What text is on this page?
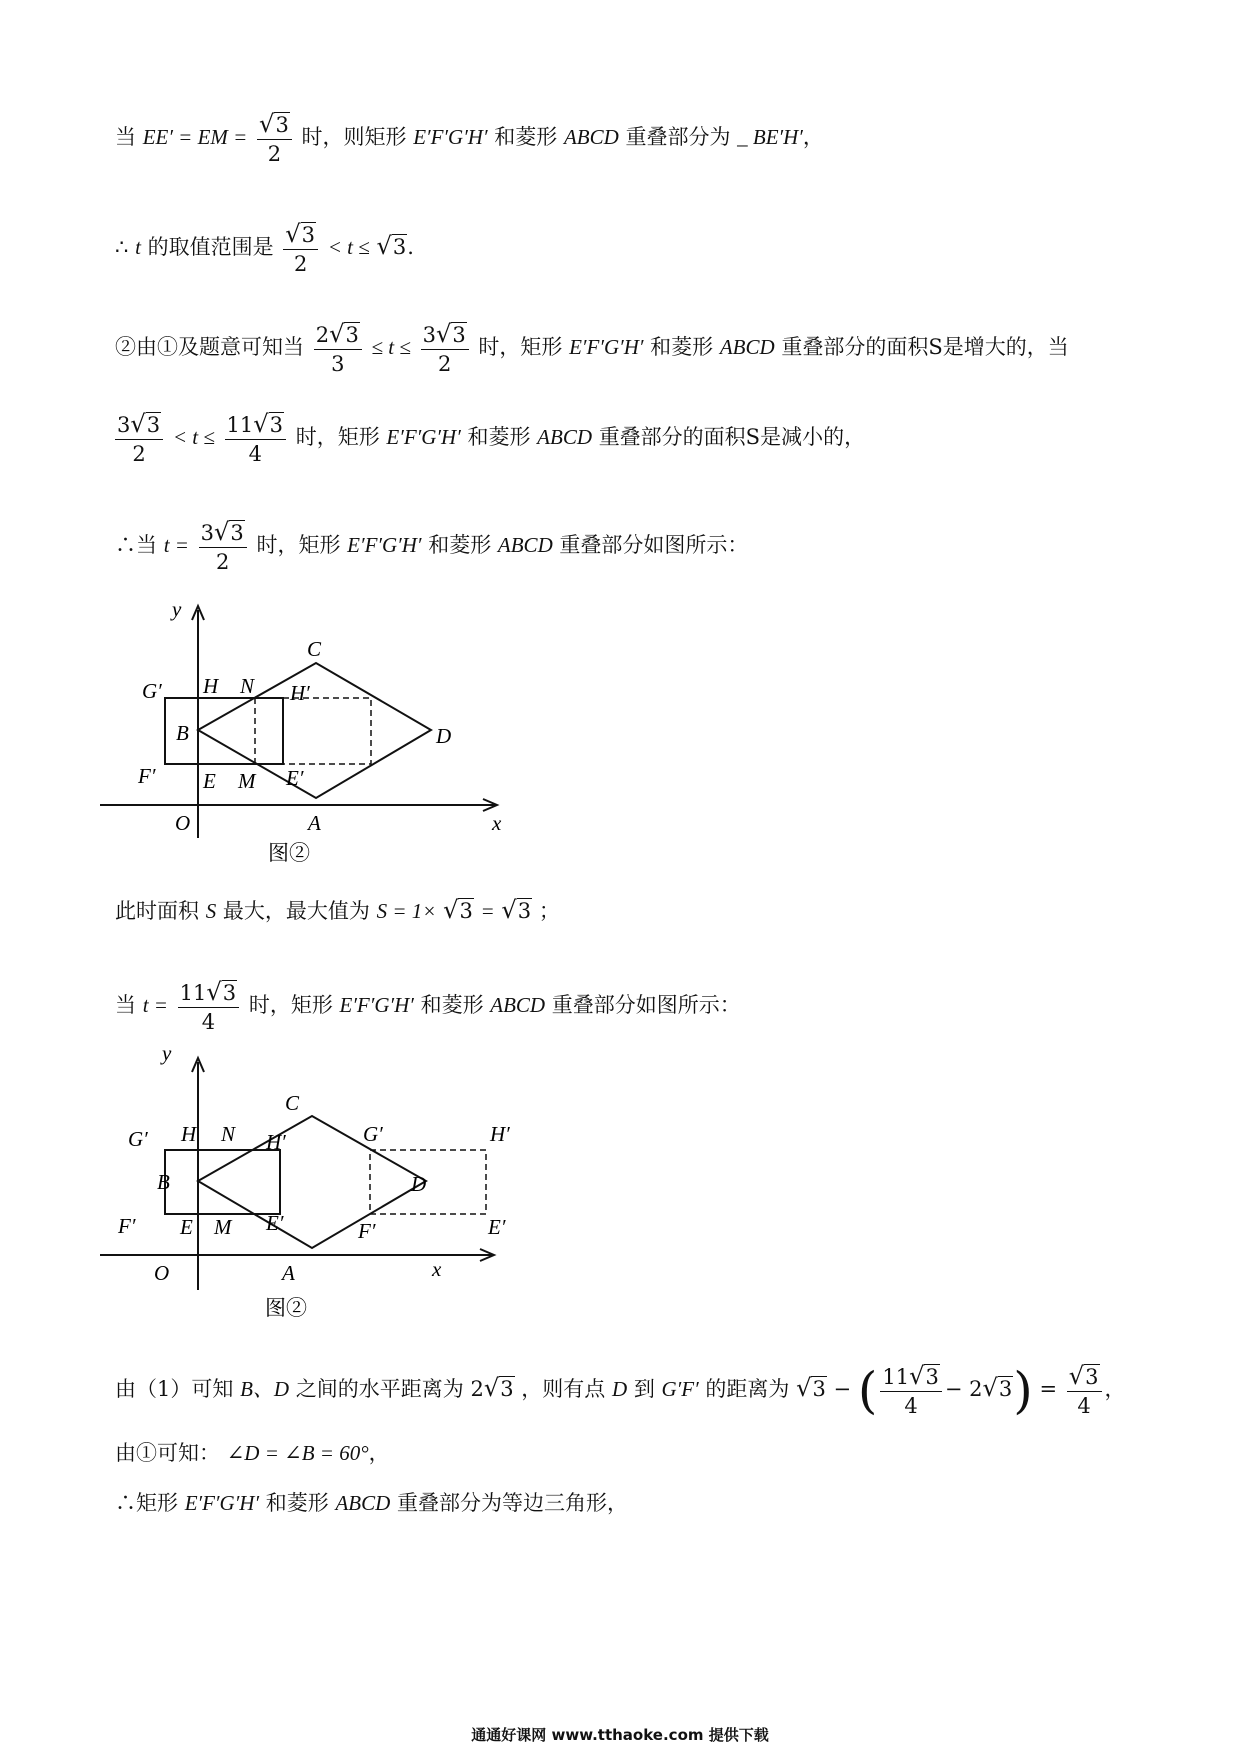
当 EE′ = EM = $\frac{√3}{2}$ 时，则矩形 E′F′G′H′ 和菱形 ABCD 重叠部分为 _ BE′H′，
∴ t 的取值范围是 $\frac{√3}{2} < t \le √3$.
②由①及题意可知当 $\frac{2√3}{3} \le t \le \frac{3√3}{2}$ 时，矩形 E′F′G′H′ 和菱形 ABCD 重叠部分的面积S是增大的，当
$\frac{3√3}{2} < t \le \frac{11√3}{4}$ 时，矩形 E′F′G′H′ 和菱形 ABCD 重叠部分的面积S是减小的，
∴当 $t = \frac{3√3}{2}$ 时，矩形 E′F′G′H′ 和菱形 ABCD 重叠部分如图所示：
y
C
G′ H N H′
B	D
F′ E M E′
O	A	x
图②
此时面积 S 最大，最大值为 S = 1× √3 = √3 ；
当 $t = \frac{11√3}{4}$ 时，矩形 E′F′G′H′ 和菱形 ABCD 重叠部分如图所示：
y
C
G′ H N H′	G′	H′
B	D
F′ E M E′	F′	E′
O	A	x
图②
由（1）可知 B、D 之间的水平距离为 2√3 ，则有点 D 到 G′F′ 的距离为 √3 − ( $\frac{11√3}{4} - 2√3) = \frac{√3}{4}$ ，
由①可知： ∠D = ∠B = 60°，
∴矩形 E′F′G′H′ 和菱形 ABCD 重叠部分为等边三角形，
通通好课网 www.tthaoke.com 提供下载
